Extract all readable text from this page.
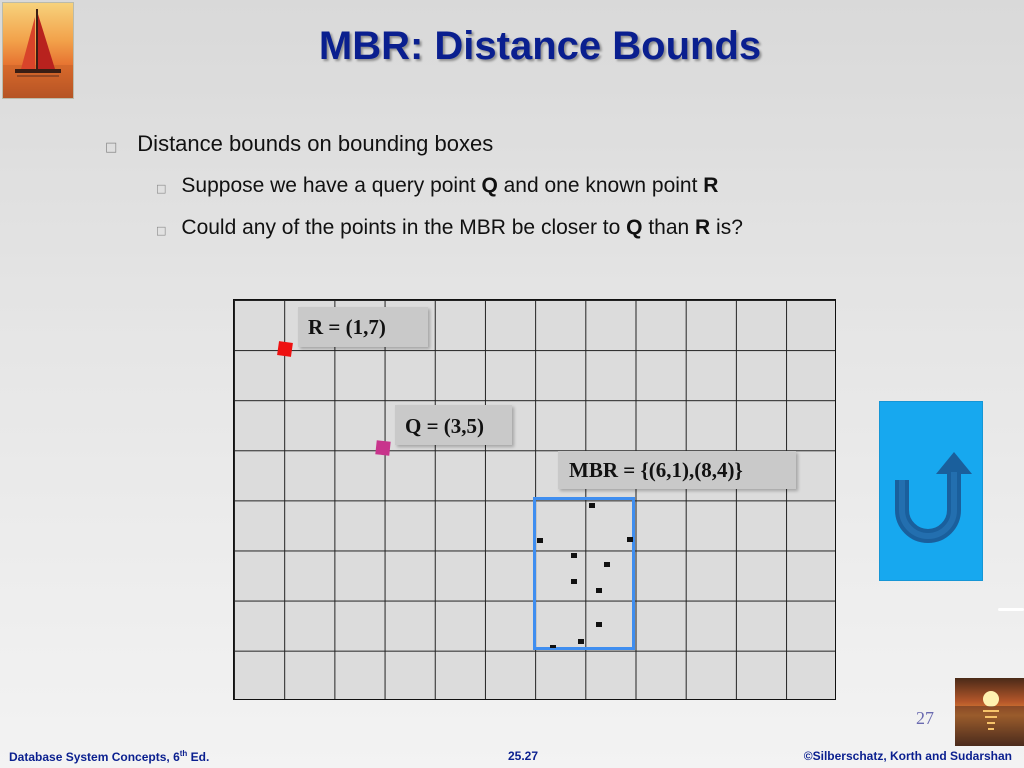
MBR: Distance Bounds
□ Distance bounds on bounding boxes
□ Suppose we have a query point Q and one known point R
□ Could any of the points in the MBR be closer to Q than R is?
R = (1,7)
Q = (3,5)
MBR = {(6,1),(8,4)}
27
Database System Concepts, 6th Ed.	25.27	©Silberschatz, Korth and Sudarshan
